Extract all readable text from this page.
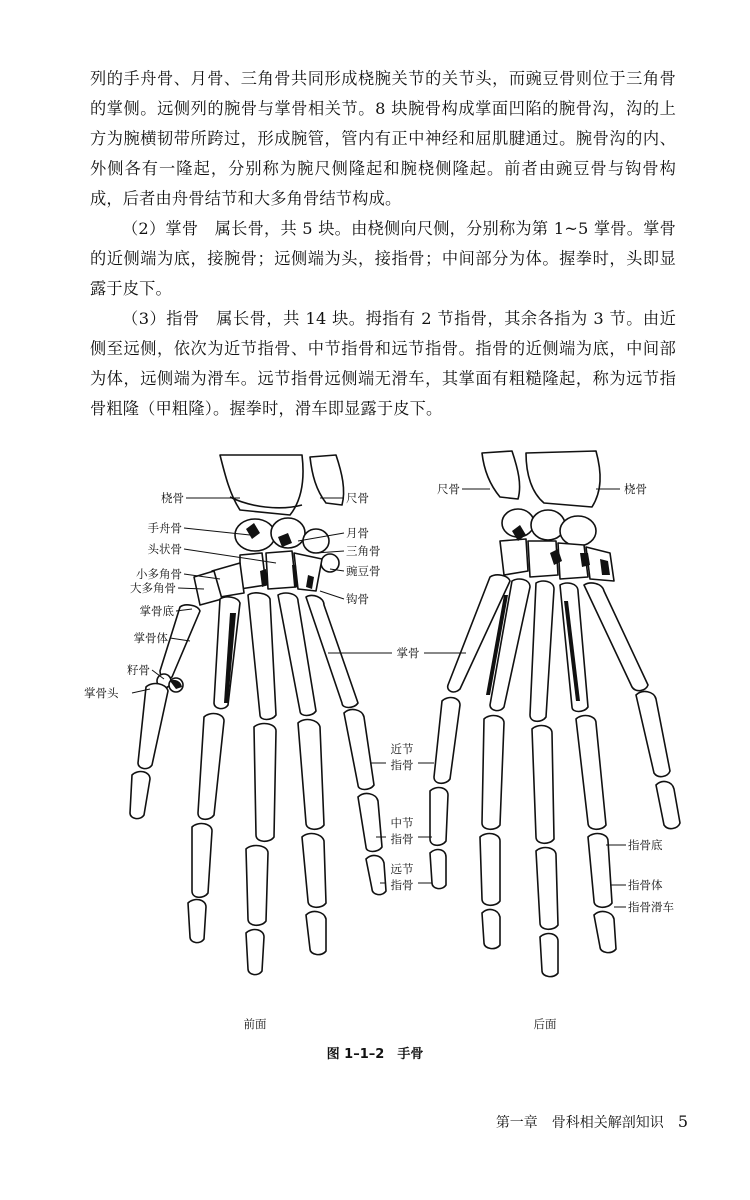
列的手舟骨、月骨、三角骨共同形成桡腕关节的关节头，而豌豆骨则位于三角骨的掌侧。远侧列的腕骨与掌骨相关节。8 块腕骨构成掌面凹陷的腕骨沟，沟的上方为腕横韧带所跨过，形成腕管，管内有正中神经和屈肌腱通过。腕骨沟的内、外侧各有一隆起，分别称为腕尺侧隆起和腕桡侧隆起。前者由豌豆骨与钩骨构成，后者由舟骨结节和大多角骨结节构成。

（2）掌骨　属长骨，共 5 块。由桡侧向尺侧，分别称为第 1~5 掌骨。掌骨的近侧端为底，接腕骨；远侧端为头，接指骨；中间部分为体。握拳时，头即显露于皮下。

（3）指骨　属长骨，共 14 块。拇指有 2 节指骨，其余各指为 3 节。由近侧至远侧，依次为近节指骨、中节指骨和远节指骨。指骨的近侧端为底，中间部为体，远侧端为滑车。远节指骨远侧端无滑车，其掌面有粗糙隆起，称为远节指骨粗隆（甲粗隆）。握拳时，滑车即显露于皮下。

桡骨
手舟骨
头状骨
小多角骨
大多角骨
掌骨底
掌骨体
籽骨
掌骨头
尺骨
月骨
三角骨
豌豆骨
钩骨
掌骨
近节
指骨
中节
指骨
远节
指骨
尺骨	桡骨
指骨底
指骨体
指骨滑车
前面	后面
图 1–1–2　手骨
第一章　骨科相关解剖知识 5
